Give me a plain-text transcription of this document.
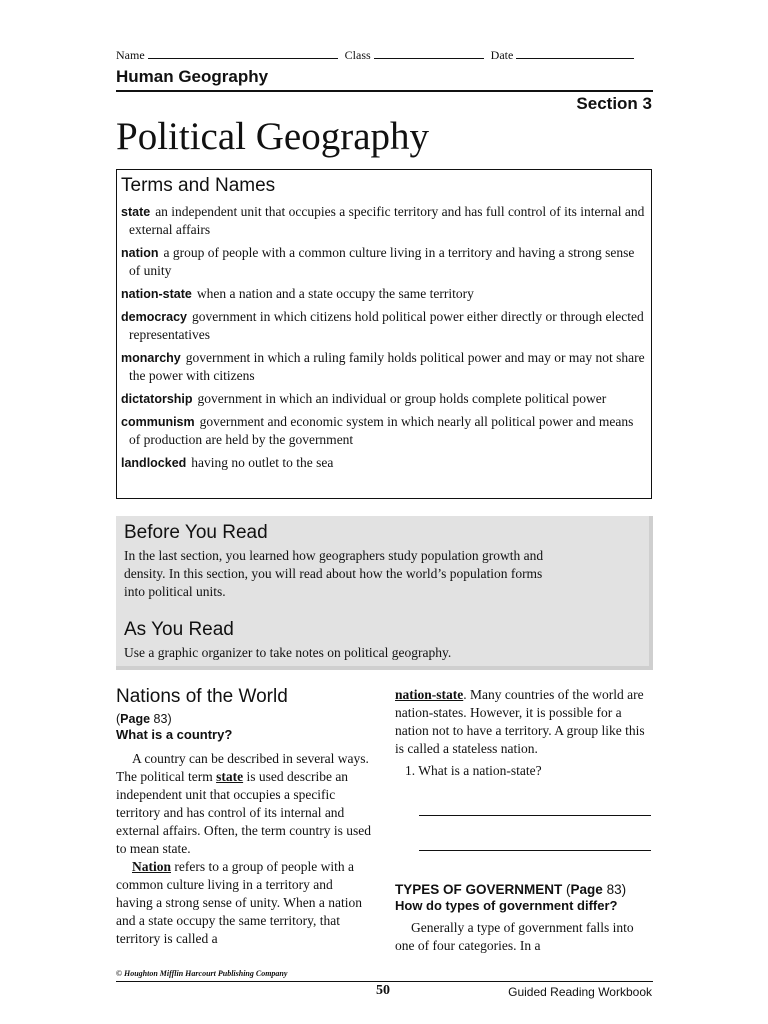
Name	Class	Date
Human Geography
Section 3
Political Geography
Terms and Names

state an independent unit that occupies a specific territory and has full control of its internal and external affairs

nation a group of people with a common culture living in a territory and having a strong sense of unity

nation-state when a nation and a state occupy the same territory

democracy government in which citizens hold political power either directly or through elected representatives

monarchy government in which a ruling family holds political power and may or may not share the power with citizens

dictatorship government in which an individual or group holds complete political power

communism government and economic system in which nearly all political power and means of production are held by the government

landlocked having no outlet to the sea

Before You Read

In the last section, you learned how geographers study population growth and density. In this section, you will read about how the world’s population forms into political units.

As You Read

Use a graphic organizer to take notes on political geography.

Nations of the World
(Page 83)
What is a country?

A country can be described in several ways. The political term state is used describe an independent unit that occupies a specific territory and has control of its internal and external affairs. Often, the term country is used to mean state.

Nation refers to a group of people with a common culture living in a territory and having a strong sense of unity. When a nation and a state occupy the same territory, that territory is called a

nation-state. Many countries of the world are nation-states. However, it is possible for a nation not to have a territory. A group like this is called a stateless nation.

1. What is a nation-state?
TYPES OF GOVERNMENT (Page 83)
How do types of government differ?

Generally a type of government falls into one of four categories. In a

© Houghton Mifflin Harcourt Publishing Company
50	Guided Reading Workbook
